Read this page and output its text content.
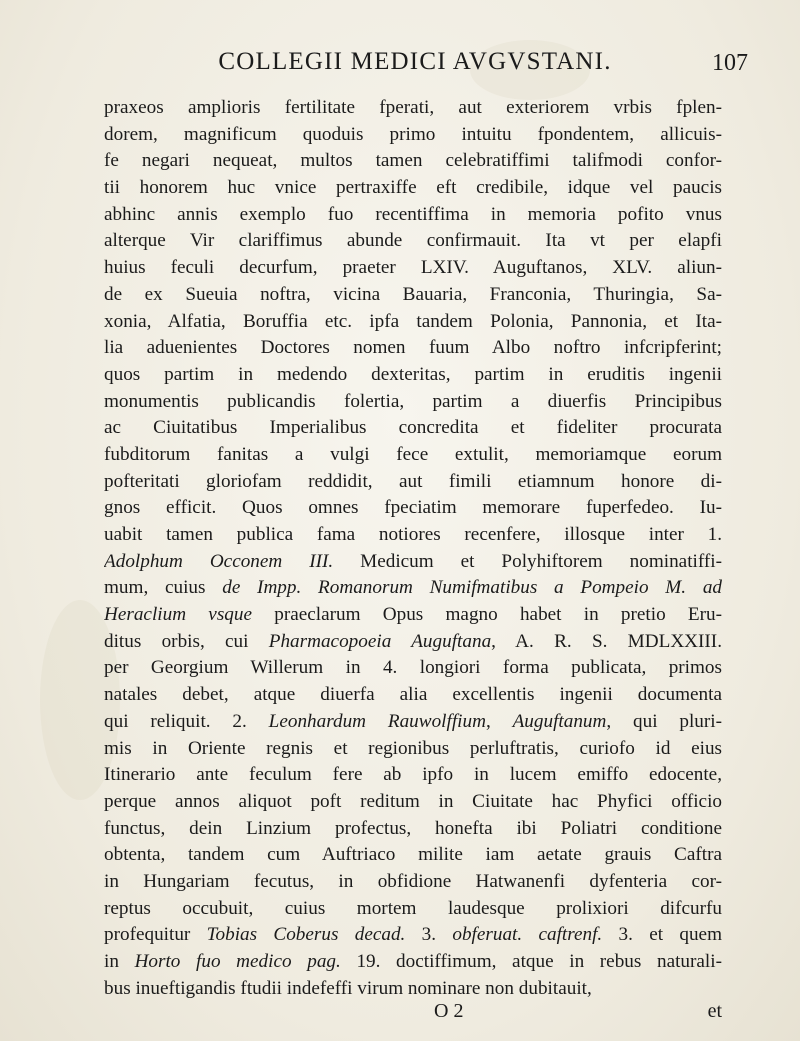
COLLEGII MEDICI AVGVSTANI.	107
praxeos amplioris fertilitate fperati, aut exteriorem vrbis fplen-
dorem, magnificum quoduis primo intuitu fpondentem, allicuis-
fe negari nequeat, multos tamen celebratiffimi talifmodi confor-
tii honorem huc vnice pertraxiffe eft credibile, idque vel paucis
abhinc annis exemplo fuo recentiffima in memoria pofito vnus
alterque Vir clariffimus abunde confirmauit. Ita vt per elapfi
huius feculi decurfum, praeter LXIV. Auguftanos, XLV. aliun-
de ex Sueuia noftra, vicina Bauaria, Franconia, Thuringia, Sa-
xonia, Alfatia, Boruffia etc. ipfa tandem Polonia, Pannonia, et Ita-
lia aduenientes Doctores nomen fuum Albo noftro infcripferint;
quos partim in medendo dexteritas, partim in eruditis ingenii
monumentis publicandis folertia, partim a diuerfis Principibus
ac Ciuitatibus Imperialibus concredita et fideliter procurata
fubditorum fanitas a vulgi fece extulit, memoriamque eorum
pofteritati gloriofam reddidit, aut fimili etiamnum honore di-
gnos efficit. Quos omnes fpeciatim memorare fuperfedeo. Iu-
uabit tamen publica fama notiores recenfere, illosque inter 1.
Adolphum Occonem III. Medicum et Polyhiftorem nominatiffi-
mum, cuius de Impp. Romanorum Numifmatibus a Pompeio M. ad
Heraclium vsque praeclarum Opus magno habet in pretio Eru-
ditus orbis, cui Pharmacopoeia Auguftana, A. R. S. MDLXXIII.
per Georgium Willerum in 4. longiori forma publicata, primos
natales debet, atque diuerfa alia excellentis ingenii documenta
qui reliquit. 2. Leonhardum Rauwolffium, Auguftanum, qui pluri-
mis in Oriente regnis et regionibus perluftratis, curiofo id eius
Itinerario ante feculum fere ab ipfo in lucem emiffo edocente,
perque annos aliquot poft reditum in Ciuitate hac Phyfici officio
functus, dein Linzium profectus, honefta ibi Poliatri conditione
obtenta, tandem cum Auftriaco milite iam aetate grauis Caftra
in Hungariam fecutus, in obfidione Hatwanenfi dyfenteria cor-
reptus occubuit, cuius mortem laudesque prolixiori difcurfu
profequitur Tobias Coberus decad. 3. obferuat. caftrenf. 3. et quem
in Horto fuo medico pag. 19. doctiffimum, atque in rebus naturali-
bus inueftigandis ftudii indefeffi virum nominare non dubitauit,
O 2	et
